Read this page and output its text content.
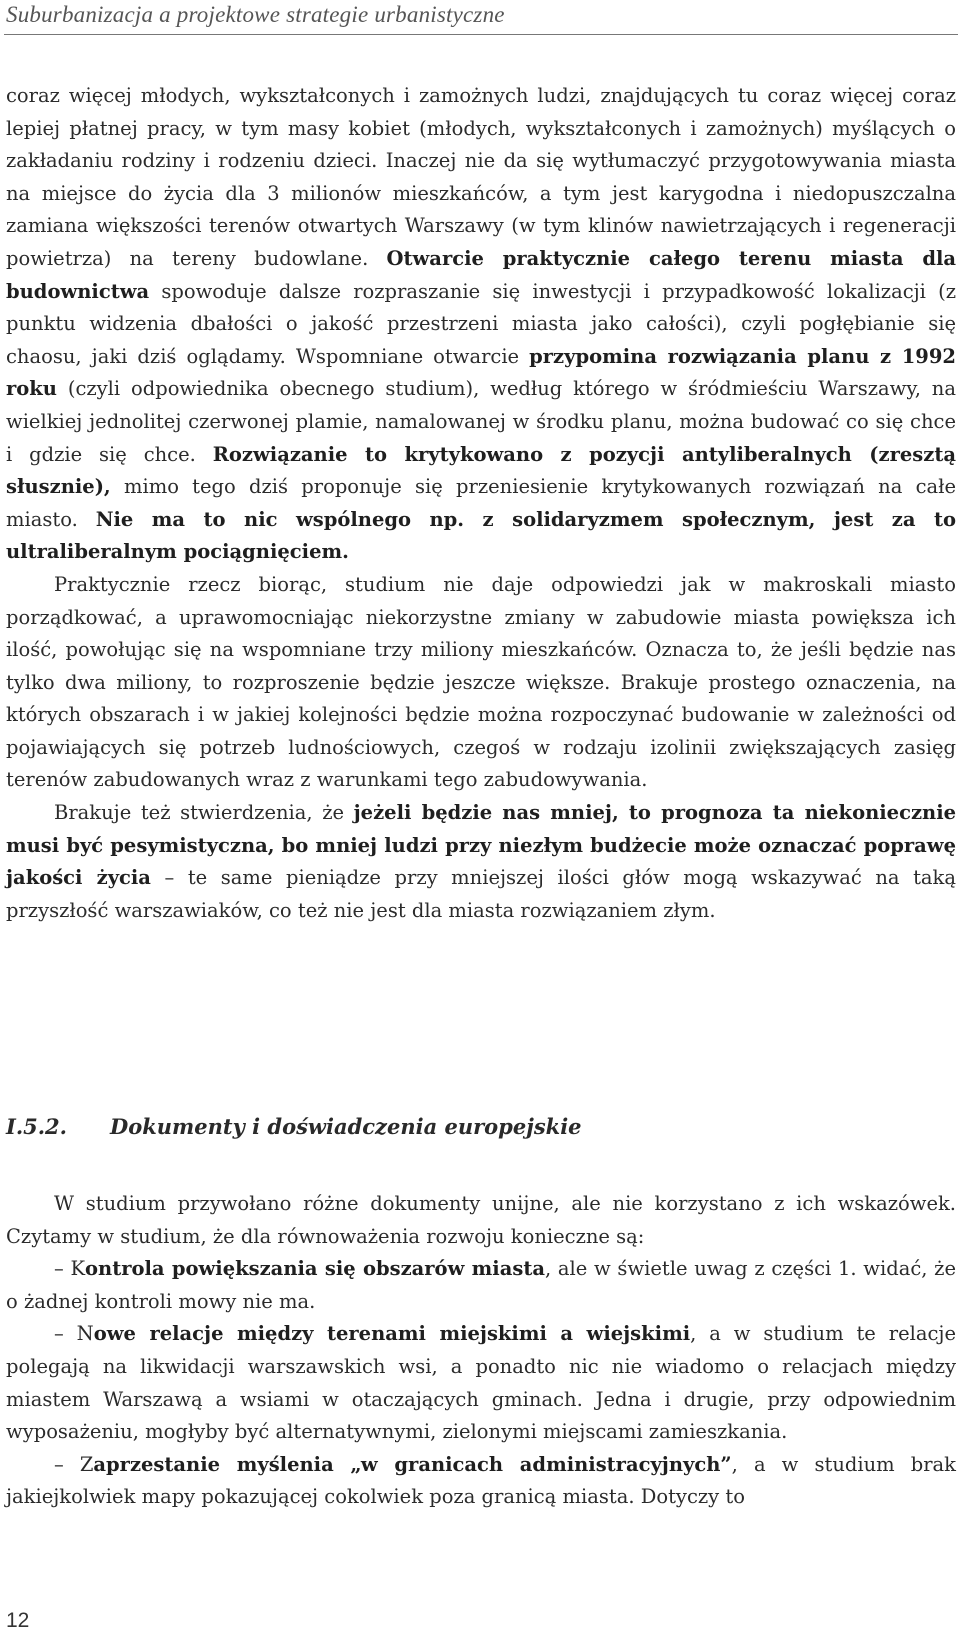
Suburbanizacja a projektowe strategie urbanistyczne

coraz więcej młodych, wykształconych i zamożnych ludzi, znajdujących tu coraz więcej coraz lepiej płatnej pracy, w tym masy kobiet (młodych, wykształconych i zamożnych) myślących o zakładaniu rodziny i rodzeniu dzieci. Inaczej nie da się wytłumaczyć przygotowywania miasta na miejsce do życia dla 3 milionów mieszkańców, a tym jest karygodna i niedopuszczalna zamiana większości terenów otwartych Warszawy (w tym klinów nawietrzających i regeneracji powietrza) na tereny budowlane. Otwarcie praktycznie całego terenu miasta dla budownictwa spowoduje dalsze rozpraszanie się inwestycji i przypadkowość lokalizacji (z punktu widzenia dbałości o jakość przestrzeni miasta jako całości), czyli pogłębianie się chaosu, jaki dziś oglądamy. Wspomniane otwarcie przypomina rozwiązania planu z 1992 roku (czyli odpowiednika obecnego studium), według którego w śródmieściu Warszawy, na wielkiej jednolitej czerwonej plamie, namalowanej w środku planu, można budować co się chce i gdzie się chce. Rozwiązanie to krytykowano z pozycji antyliberalnych (zresztą słusznie), mimo tego dziś proponuje się przeniesienie krytykowanych rozwiązań na całe miasto. Nie ma to nic wspólnego np. z solidaryzmem społecznym, jest za to ultraliberalnym pociągnięciem.

Praktycznie rzecz biorąc, studium nie daje odpowiedzi jak w makroskali miasto porządkować, a uprawomocniając niekorzystne zmiany w zabudowie miasta powiększa ich ilość, powołując się na wspomniane trzy miliony mieszkańców. Oznacza to, że jeśli będzie nas tylko dwa miliony, to rozproszenie będzie jeszcze większe. Brakuje prostego oznaczenia, na których obszarach i w jakiej kolejności będzie można rozpoczynać budowanie w zależności od pojawiających się potrzeb ludnościowych, czegoś w rodzaju izolinii zwiększających zasięg terenów zabudowanych wraz z warunkami tego zabudowywania.

Brakuje też stwierdzenia, że jeżeli będzie nas mniej, to prognoza ta niekoniecznie musi być pesymistyczna, bo mniej ludzi przy niezłym budżecie może oznaczać poprawę jakości życia – te same pieniądze przy mniejszej ilości głów mogą wskazywać na taką przyszłość warszawiaków, co też nie jest dla miasta rozwiązaniem złym.

I.5.2. Dokumenty i doświadczenia europejskie

W studium przywołano różne dokumenty unijne, ale nie korzystano z ich wskazówek. Czytamy w studium, że dla równoważenia rozwoju konieczne są:

– Kontrola powiększania się obszarów miasta, ale w świetle uwag z części 1. widać, że o żadnej kontroli mowy nie ma.

– Nowe relacje między terenami miejskimi a wiejskimi, a w studium te relacje polegają na likwidacji warszawskich wsi, a ponadto nic nie wiadomo o relacjach między miastem Warszawą a wsiami w otaczających gminach. Jedna i drugie, przy odpowiednim wyposażeniu, mogłyby być alternatywnymi, zielonymi miejscami zamieszkania.

– Zaprzestanie myślenia „w granicach administracyjnych”, a w studium brak jakiejkolwiek mapy pokazującej cokolwiek poza granicą miasta. Dotyczy to

12
